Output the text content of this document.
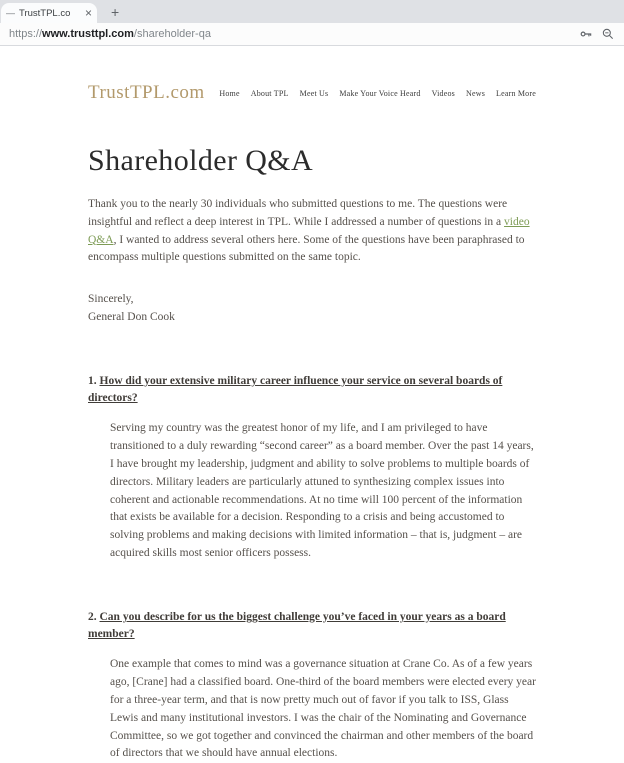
— TrustTPL.co	× +
https:// www.trusttpl.com /shareholder-qa
TrustTPL.com Home About TPL Meet Us Make Your Voice Heard Videos News Learn More
Shareholder Q&A

Thank you to the nearly 30 individuals who submitted questions to me. The questions were insightful and reflect a deep interest in TPL. While I addressed a number of questions in a video Q&A, I wanted to address several others here. Some of the questions have been paraphrased to encompass multiple questions submitted on the same topic.

Sincerely,
General Don Cook
1. How did your extensive military career influence your service on several boards of directors?

Serving my country was the greatest honor of my life, and I am privileged to have transitioned to a duly rewarding “second career” as a board member. Over the past 14 years, I have brought my leadership, judgment and ability to solve problems to multiple boards of directors. Military leaders are particularly attuned to synthesizing complex issues into coherent and actionable recommendations. At no time will 100 percent of the information that exists be available for a decision. Responding to a crisis and being accustomed to solving problems and making decisions with limited information – that is, judgment – are acquired skills most senior officers possess.

2. Can you describe for us the biggest challenge you’ve faced in your years as a board member?

One example that comes to mind was a governance situation at Crane Co. As of a few years ago, [Crane] had a classified board. One-third of the board members were elected every year for a three-year term, and that is now pretty much out of favor if you talk to ISS, Glass Lewis and many institutional investors. I was the chair of the Nominating and Governance Committee, so we got together and convinced the chairman and other members of the board of directors that we should have annual elections.
